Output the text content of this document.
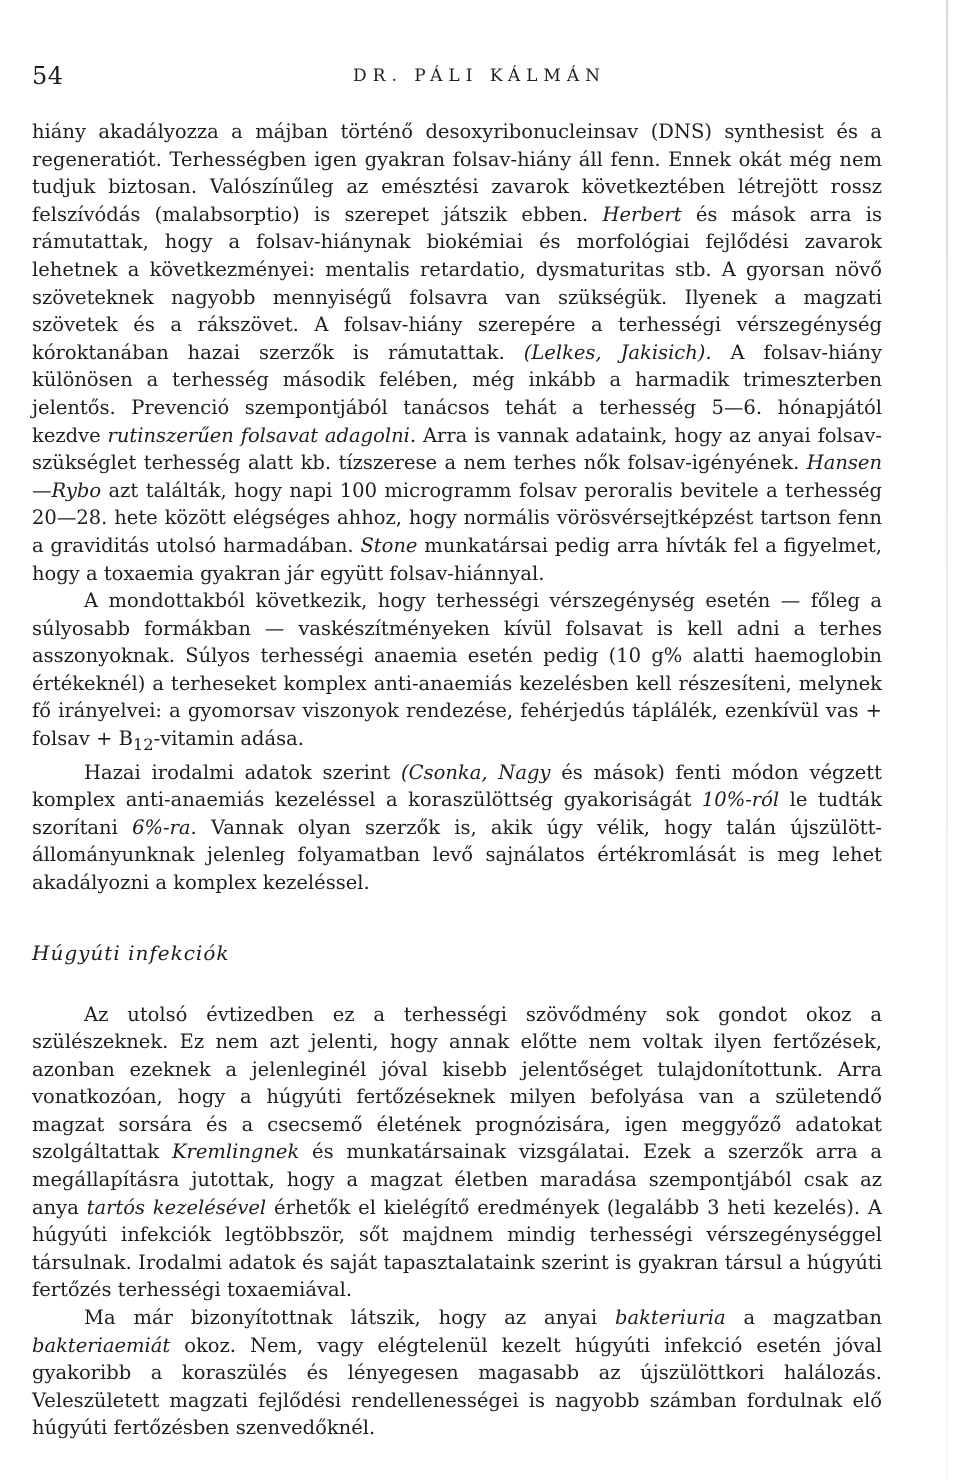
54	DR. PÁLI KÁLMÁN

hiány akadályozza a májban történő desoxyribonucleinsav (DNS) synthesist és a regeneratiót. Terhességben igen gyakran folsav-hiány áll fenn. Ennek okát még nem tudjuk biztosan. Valószínűleg az emésztési zavarok következtében létrejött rossz felszívódás (malabsorptio) is szerepet játszik ebben. Herbert és mások arra is rámutattak, hogy a folsav-hiánynak biokémiai és morfológiai fejlődési zavarok lehetnek a következményei: mentalis retardatio, dysmaturitas stb. A gyorsan növő szöveteknek nagyobb mennyiségű folsavra van szükségük. Ilyenek a magzati szövetek és a rákszövet. A folsav-hiány szerepére a terhességi vérszegénység kóroktanában hazai szerzők is rámutattak. (Lelkes, Jakisich). A folsav-hiány különösen a terhesség második felében, még inkább a harmadik trimeszterben jelentős. Prevenció szempontjából tanácsos tehát a terhesség 5—6. hónapjától kezdve rutinszerűen folsavat adagolni. Arra is vannak adataink, hogy az anyai folsav-szükséglet terhesség alatt kb. tízszerese a nem terhes nők folsav-igényének. Hansen—Rybo azt találták, hogy napi 100 microgramm folsav peroralis bevitele a terhesség 20—28. hete között elégséges ahhoz, hogy normális vörösvérsejtképzést tartson fenn a graviditás utolsó harmadában. Stone munkatársai pedig arra hívták fel a figyelmet, hogy a toxaemia gyakran jár együtt folsav-hiánnyal.

A mondottakból következik, hogy terhességi vérszegénység esetén — főleg a súlyosabb formákban — vaskészítményeken kívül folsavat is kell adni a terhes asszonyoknak. Súlyos terhességi anaemia esetén pedig (10 g% alatti haemoglobin értékeknél) a terheseket komplex anti-anaemiás kezelésben kell részesíteni, melynek fő irányelvei: a gyomorsav viszonyok rendezése, fehérjedús táplálék, ezenkívül vas + folsav + $B_{12}$-vitamin adása.

Hazai irodalmi adatok szerint (Csonka, Nagy és mások) fenti módon végzett komplex anti-anaemiás kezeléssel a koraszülöttség gyakoriságát 10%-ról le tudták szorítani 6%-ra. Vannak olyan szerzők is, akik úgy vélik, hogy talán újszülött-állományunknak jelenleg folyamatban levő sajnálatos értékromlását is meg lehet akadályozni a komplex kezeléssel.

Húgyúti infekciók

Az utolsó évtizedben ez a terhességi szövődmény sok gondot okoz a szülészeknek. Ez nem azt jelenti, hogy annak előtte nem voltak ilyen fertőzések, azonban ezeknek a jelenleginél jóval kisebb jelentőséget tulajdonítottunk. Arra vonatkozóan, hogy a húgyúti fertőzéseknek milyen befolyása van a születendő magzat sorsára és a csecsemő életének prognózisára, igen meggyőző adatokat szolgáltattak Kremlingnek és munkatársainak vizsgálatai. Ezek a szerzők arra a megállapításra jutottak, hogy a magzat életben maradása szempontjából csak az anya tartós kezelésével érhetők el kielégítő eredmények (legalább 3 heti kezelés). A húgyúti infekciók legtöbbször, sőt majdnem mindig terhességi vérszegénységgel társulnak. Irodalmi adatok és saját tapasztalataink szerint is gyakran társul a húgyúti fertőzés terhességi toxaemiával.

Ma már bizonyítottnak látszik, hogy az anyai bakteriuria a magzatban bakteriaemiát okoz. Nem, vagy elégtelenül kezelt húgyúti infekció esetén jóval gyakoribb a koraszülés és lényegesen magasabb az újszülöttkori halálozás. Veleszületett magzati fejlődési rendellenességei is nagyobb számban fordulnak elő húgyúti fertőzésben szenvedőknél.
